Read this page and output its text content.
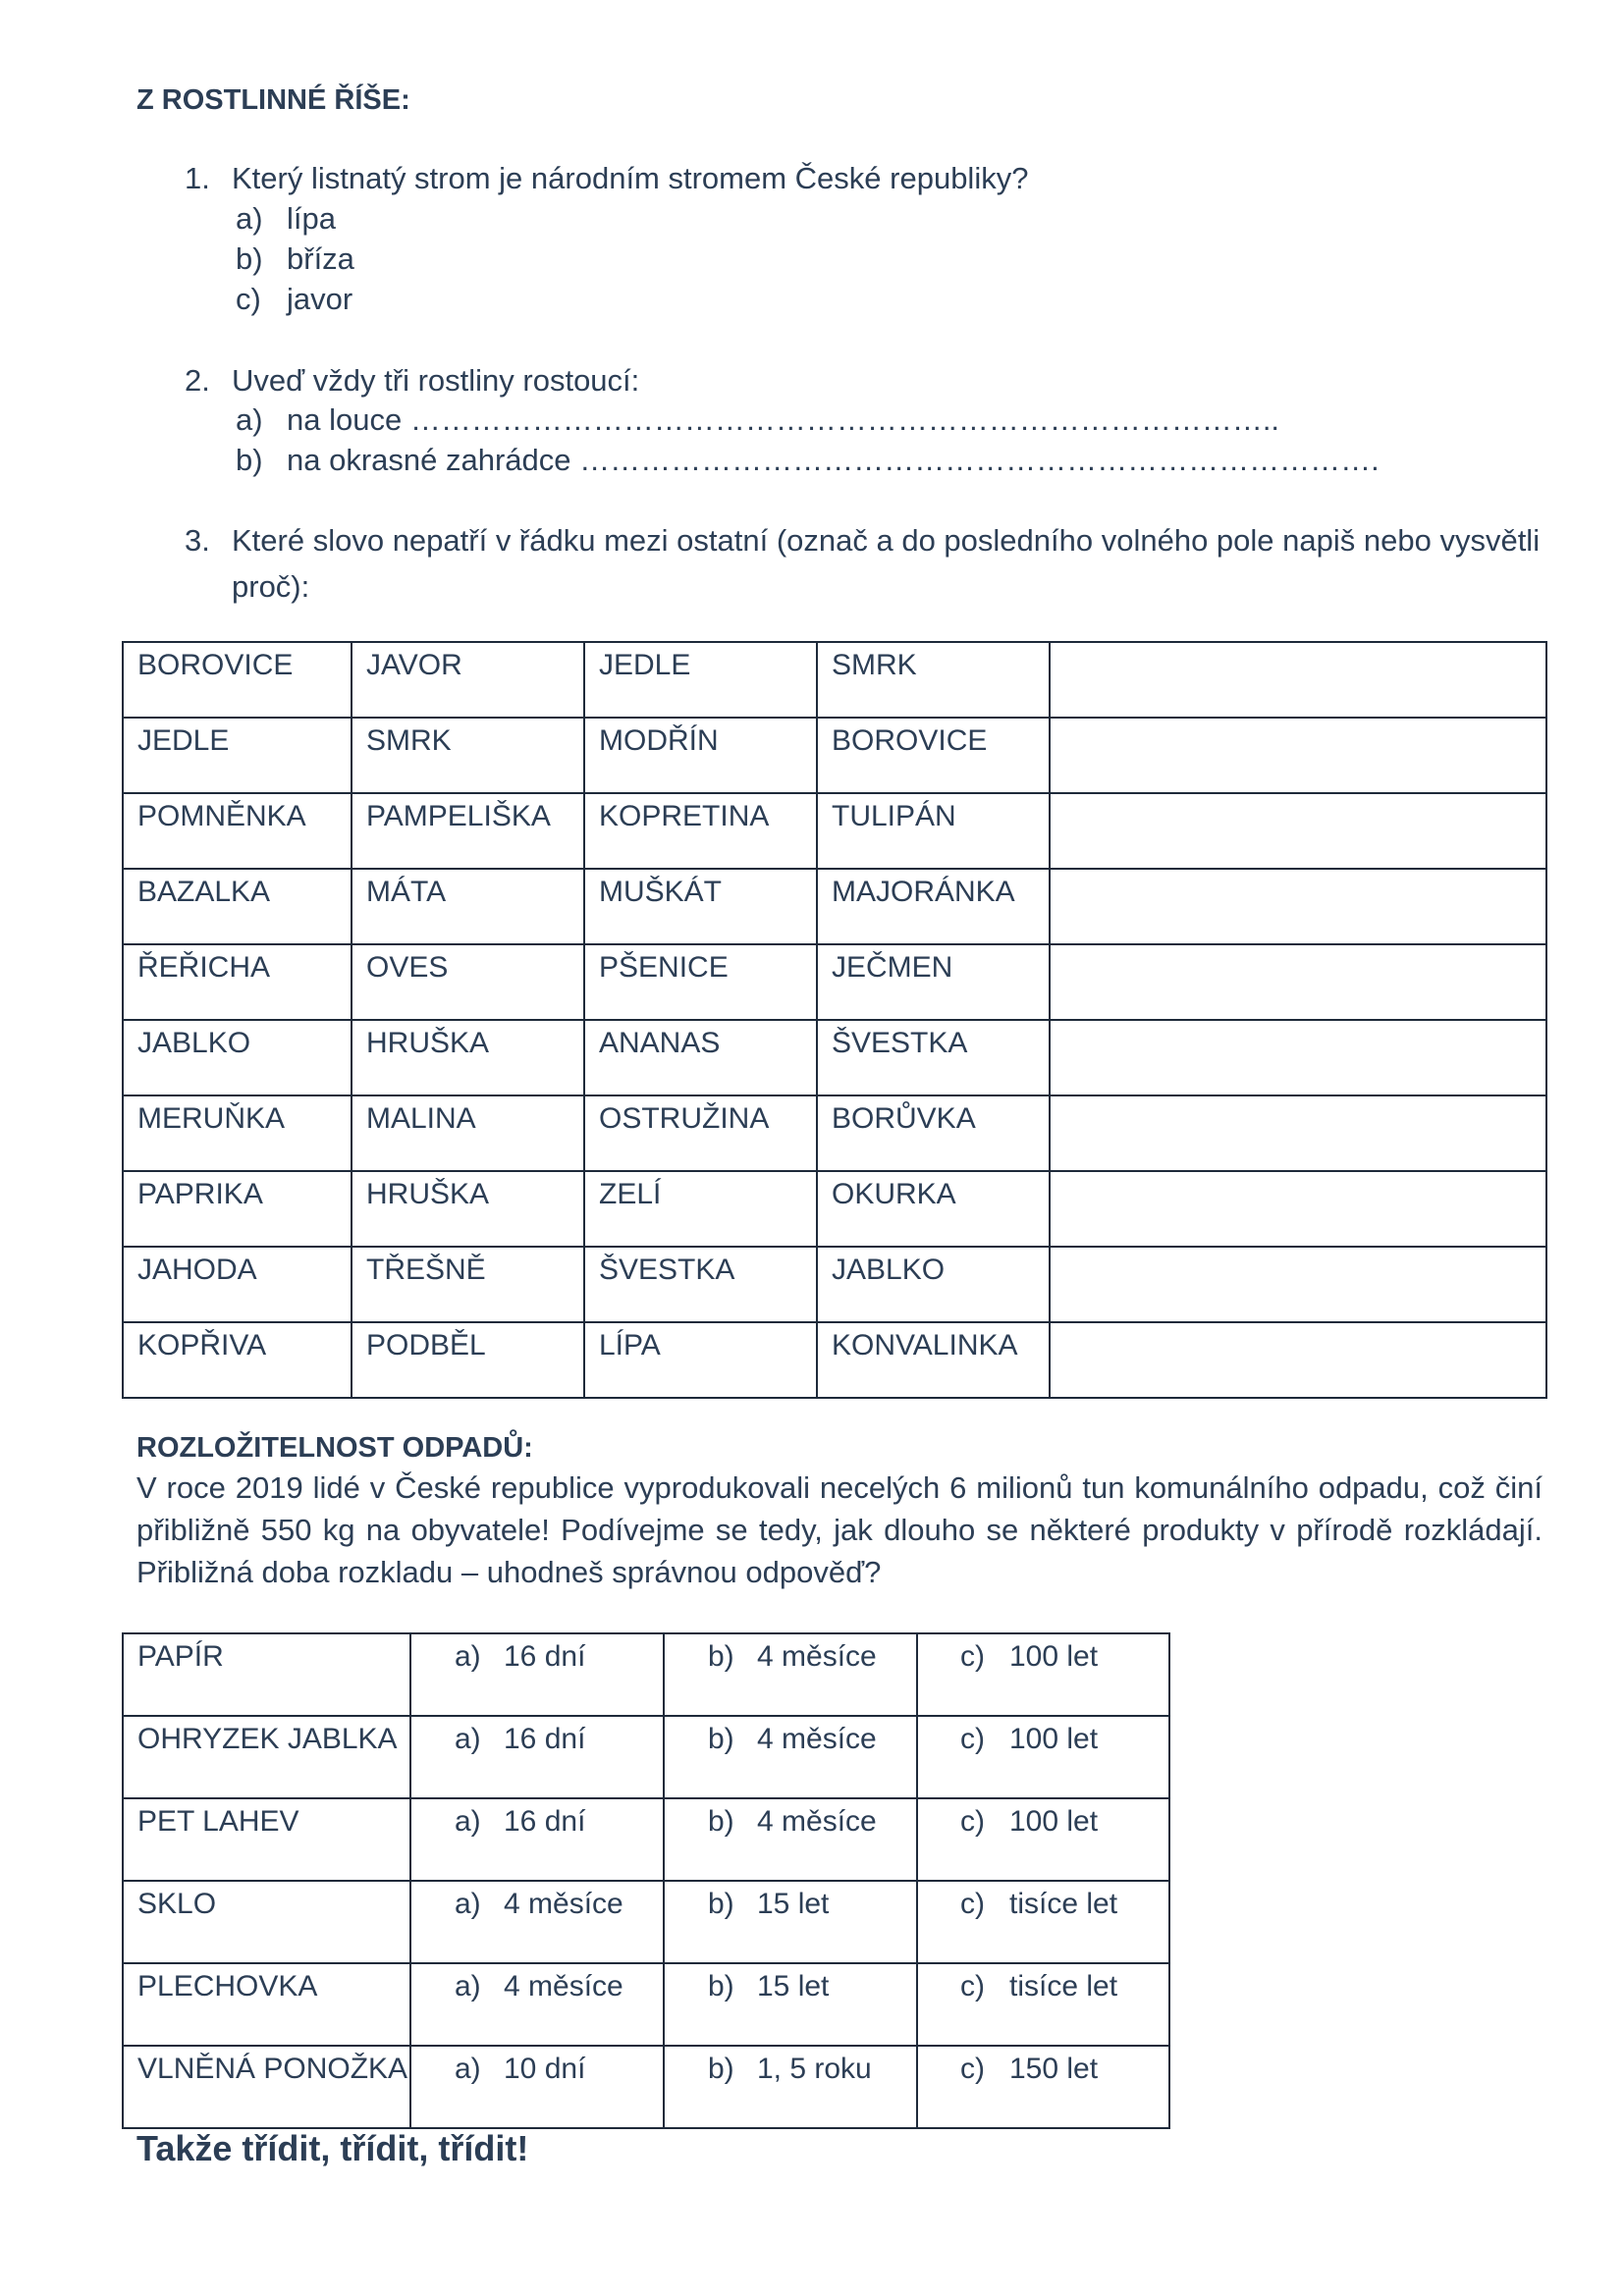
Z ROSTLINNÉ ŘÍŠE:
1. Který listnatý strom je národním stromem České republiky?
a) lípa
b) bříza
c) javor
2. Uveď vždy tři rostliny rostoucí:
a) na louce …………………………………………………………………………..
b) na okrasné zahrádce …………………………………………………………………….
3. Které slovo nepatří v řádku mezi ostatní (označ a do posledního volného pole napiš nebo vysvětli
proč):
BOROVICE	JAVOR	JEDLE	SMRK	
JEDLE	SMRK	MODŘÍN	BOROVICE	
POMNĚNKA	PAMPELIŠKA	KOPRETINA	TULIPÁN	
BAZALKA	MÁTA	MUŠKÁT	MAJORÁNKA	
ŘEŘICHA	OVES	PŠENICE	JEČMEN	
JABLKO	HRUŠKA	ANANAS	ŠVESTKA	
MERUŇKA	MALINA	OSTRUŽINA	BORŮVKA	
PAPRIKA	HRUŠKA	ZELÍ	OKURKA	
JAHODA	TŘEŠNĚ	ŠVESTKA	JABLKO	
KOPŘIVA	PODBĚL	LÍPA	KONVALINKA	
ROZLOŽITELNOST ODPADŮ:
V roce 2019 lidé v České republice vyprodukovali necelých 6 milionů tun komunálního odpadu, což činí
přibližně 550 kg na obyvatele! Podívejme se tedy, jak dlouho se některé produkty v přírodě rozkládají.
Přibližná doba rozkladu – uhodneš správnou odpověď?
PAPÍR	a) 16 dní	b) 4 měsíce	c) 100 let
OHRYZEK JABLKA	a) 16 dní	b) 4 měsíce	c) 100 let
PET LAHEV	a) 16 dní	b) 4 měsíce	c) 100 let
SKLO	a) 4 měsíce	b) 15 let	c) tisíce let
PLECHOVKA	a) 4 měsíce	b) 15 let	c) tisíce let
VLNĚNÁ PONOŽKA	a) 10 dní	b) 1, 5 roku	c) 150 let
Takže třídit, třídit, třídit!
